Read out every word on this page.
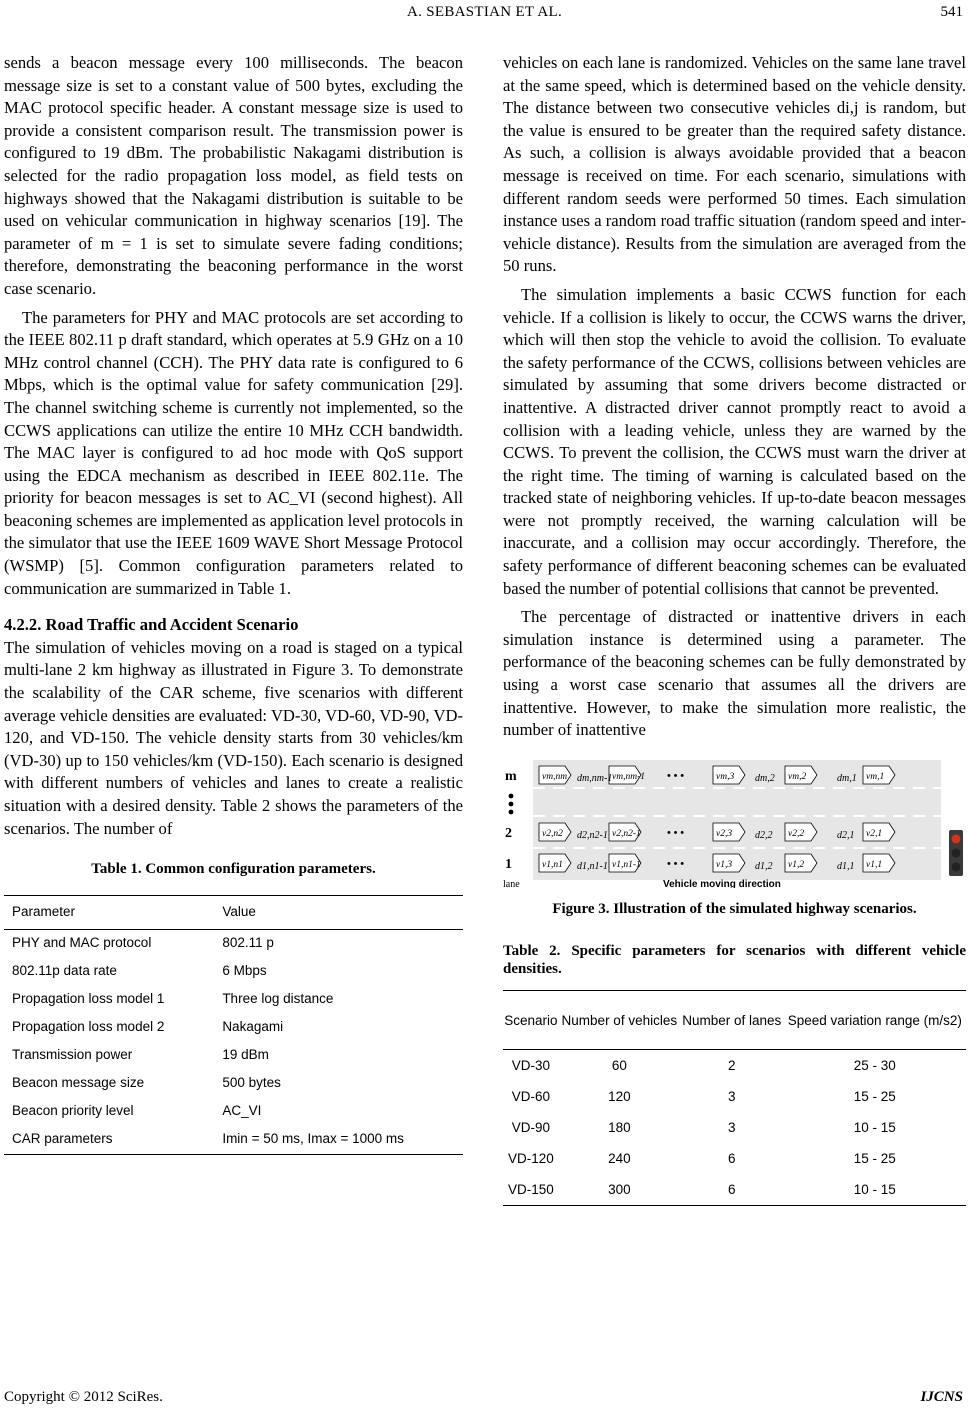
A. SEBASTIAN ET AL.	541

sends a beacon message every 100 milliseconds. The beacon message size is set to a constant value of 500 bytes, excluding the MAC protocol specific header. A constant message size is used to provide a consistent comparison result. The transmission power is configured to 19 dBm. The probabilistic Nakagami distribution is selected for the radio propagation loss model, as field tests on highways showed that the Nakagami distribution is suitable to be used on vehicular communication in highway scenarios [19]. The parameter of m = 1 is set to simulate severe fading conditions; therefore, demonstrating the beaconing performance in the worst case scenario.

The parameters for PHY and MAC protocols are set according to the IEEE 802.11 p draft standard, which operates at 5.9 GHz on a 10 MHz control channel (CCH). The PHY data rate is configured to 6 Mbps, which is the optimal value for safety communication [29]. The channel switching scheme is currently not implemented, so the CCWS applications can utilize the entire 10 MHz CCH bandwidth. The MAC layer is configured to ad hoc mode with QoS support using the EDCA mechanism as described in IEEE 802.11e. The priority for beacon messages is set to AC_VI (second highest). All beaconing schemes are implemented as application level protocols in the simulator that use the IEEE 1609 WAVE Short Message Protocol (WSMP) [5]. Common configuration parameters related to communication are summarized in Table 1.

4.2.2. Road Traffic and Accident Scenario

The simulation of vehicles moving on a road is staged on a typical multi-lane 2 km highway as illustrated in Figure 3. To demonstrate the scalability of the CAR scheme, five scenarios with different average vehicle densities are evaluated: VD-30, VD-60, VD-90, VD-120, and VD-150. The vehicle density starts from 30 vehicles/km (VD-30) up to 150 vehicles/km (VD-150). Each scenario is designed with different numbers of vehicles and lanes to create a realistic situation with a desired density. Table 2 shows the parameters of the scenarios. The number of

Table 1. Common configuration parameters.
Parameter	Value
PHY and MAC protocol	802.11 p
802.11p data rate	6 Mbps
Propagation loss model 1	Three log distance
Propagation loss model 2	Nakagami
Transmission power	19 dBm
Beacon message size	500 bytes
Beacon priority level	AC_VI
CAR parameters	Imin = 50 ms, Imax = 1000 ms

vehicles on each lane is randomized. Vehicles on the same lane travel at the same speed, which is determined based on the vehicle density. The distance between two consecutive vehicles di,j is random, but the value is ensured to be greater than the required safety distance. As such, a collision is always avoidable provided that a beacon message is received on time. For each scenario, simulations with different random seeds were performed 50 times. Each simulation instance uses a random road traffic situation (random speed and inter-vehicle distance). Results from the simulation are averaged from the 50 runs.

The simulation implements a basic CCWS function for each vehicle. If a collision is likely to occur, the CCWS warns the driver, which will then stop the vehicle to avoid the collision. To evaluate the safety performance of the CCWS, collisions between vehicles are simulated by assuming that some drivers become distracted or inattentive. A distracted driver cannot promptly react to avoid a collision with a leading vehicle, unless they are warned by the CCWS. To prevent the collision, the CCWS must warn the driver at the right time. The timing of warning is calculated based on the tracked state of neighboring vehicles. If up-to-date beacon messages were not promptly received, the warning calculation will be inaccurate, and a collision may occur accordingly. Therefore, the safety performance of different beaconing schemes can be evaluated based the number of potential collisions that cannot be prevented.

The percentage of distracted or inattentive drivers in each simulation instance is determined using a parameter. The performance of the beaconing schemes can be fully demonstrated by using a worst case scenario that assumes all the drivers are inattentive. However, to make the simulation more realistic, the number of inattentive

m	vm,nm	vm,nm-1	vm,3	vm,2	vm,1
• • •
dm,nm-1	dm,2	dm,1
2	v2,n2	v2,n2-1	v2,3	v2,2	v2,1
• • •
d2,n2-1	d2,2	d2,1
1	v1,n1	v1,n1-1	v1,3	v1,2	v1,1
• • •
d1,n1-1	d1,2	d1,1
lane	Vehicle moving direction
Figure 3. Illustration of the simulated highway scenarios.
Table 2. Specific parameters for scenarios with different vehicle densities.
Scenario	Number of vehicles	Number of lanes	Speed variation range (m/s2)
VD-30	60	2	25 - 30
VD-60	120	3	15 - 25
VD-90	180	3	10 - 15
VD-120	240	6	15 - 25
VD-150	300	6	10 - 15
Copyright © 2012 SciRes.	IJCNS
